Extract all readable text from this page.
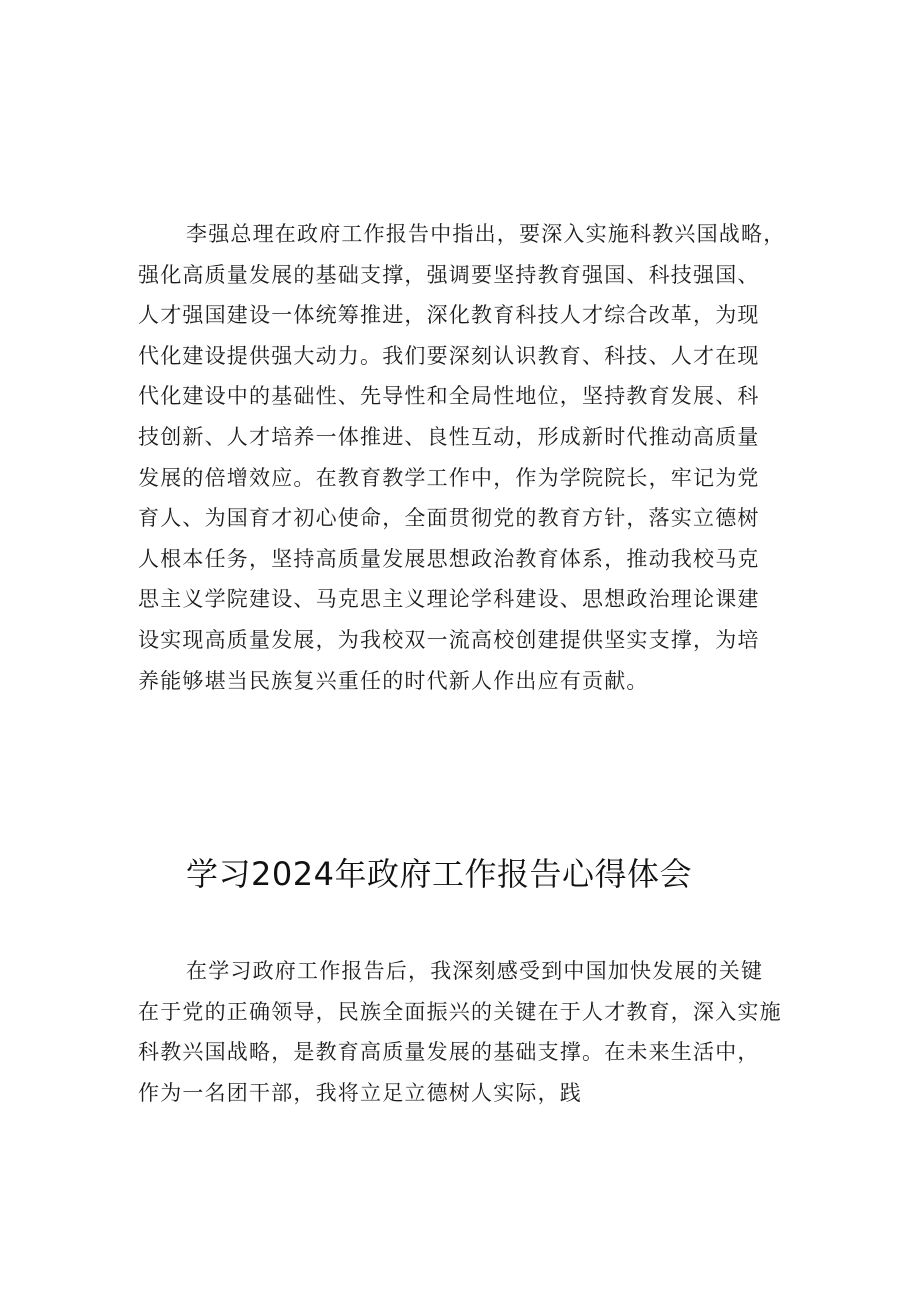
李强总理在政府工作报告中指出，要深入实施科教兴国战略，
强化高质量发展的基础支撑，强调要坚持教育强国、科技强国、
人才强国建设一体统筹推进，深化教育科技人才综合改革，为现
代化建设提供强大动力。我们要深刻认识教育、科技、人才在现
代化建设中的基础性、先导性和全局性地位，坚持教育发展、科
技创新、人才培养一体推进、良性互动，形成新时代推动高质量
发展的倍增效应。在教育教学工作中，作为学院院长，牢记为党
育人、为国育才初心使命，全面贯彻党的教育方针，落实立德树
人根本任务，坚持高质量发展思想政治教育体系，推动我校马克
思主义学院建设、马克思主义理论学科建设、思想政治理论课建
设实现高质量发展，为我校双一流高校创建提供坚实支撑，为培
养能够堪当民族复兴重任的时代新人作出应有贡献。
学习2024年政府工作报告心得体会
在学习政府工作报告后，我深刻感受到中国加快发展的关键
在于党的正确领导，民族全面振兴的关键在于人才教育，深入实施
科教兴国战略，是教育高质量发展的基础支撑。在未来生活中，
作为一名团干部，我将立足立德树人实际，践
